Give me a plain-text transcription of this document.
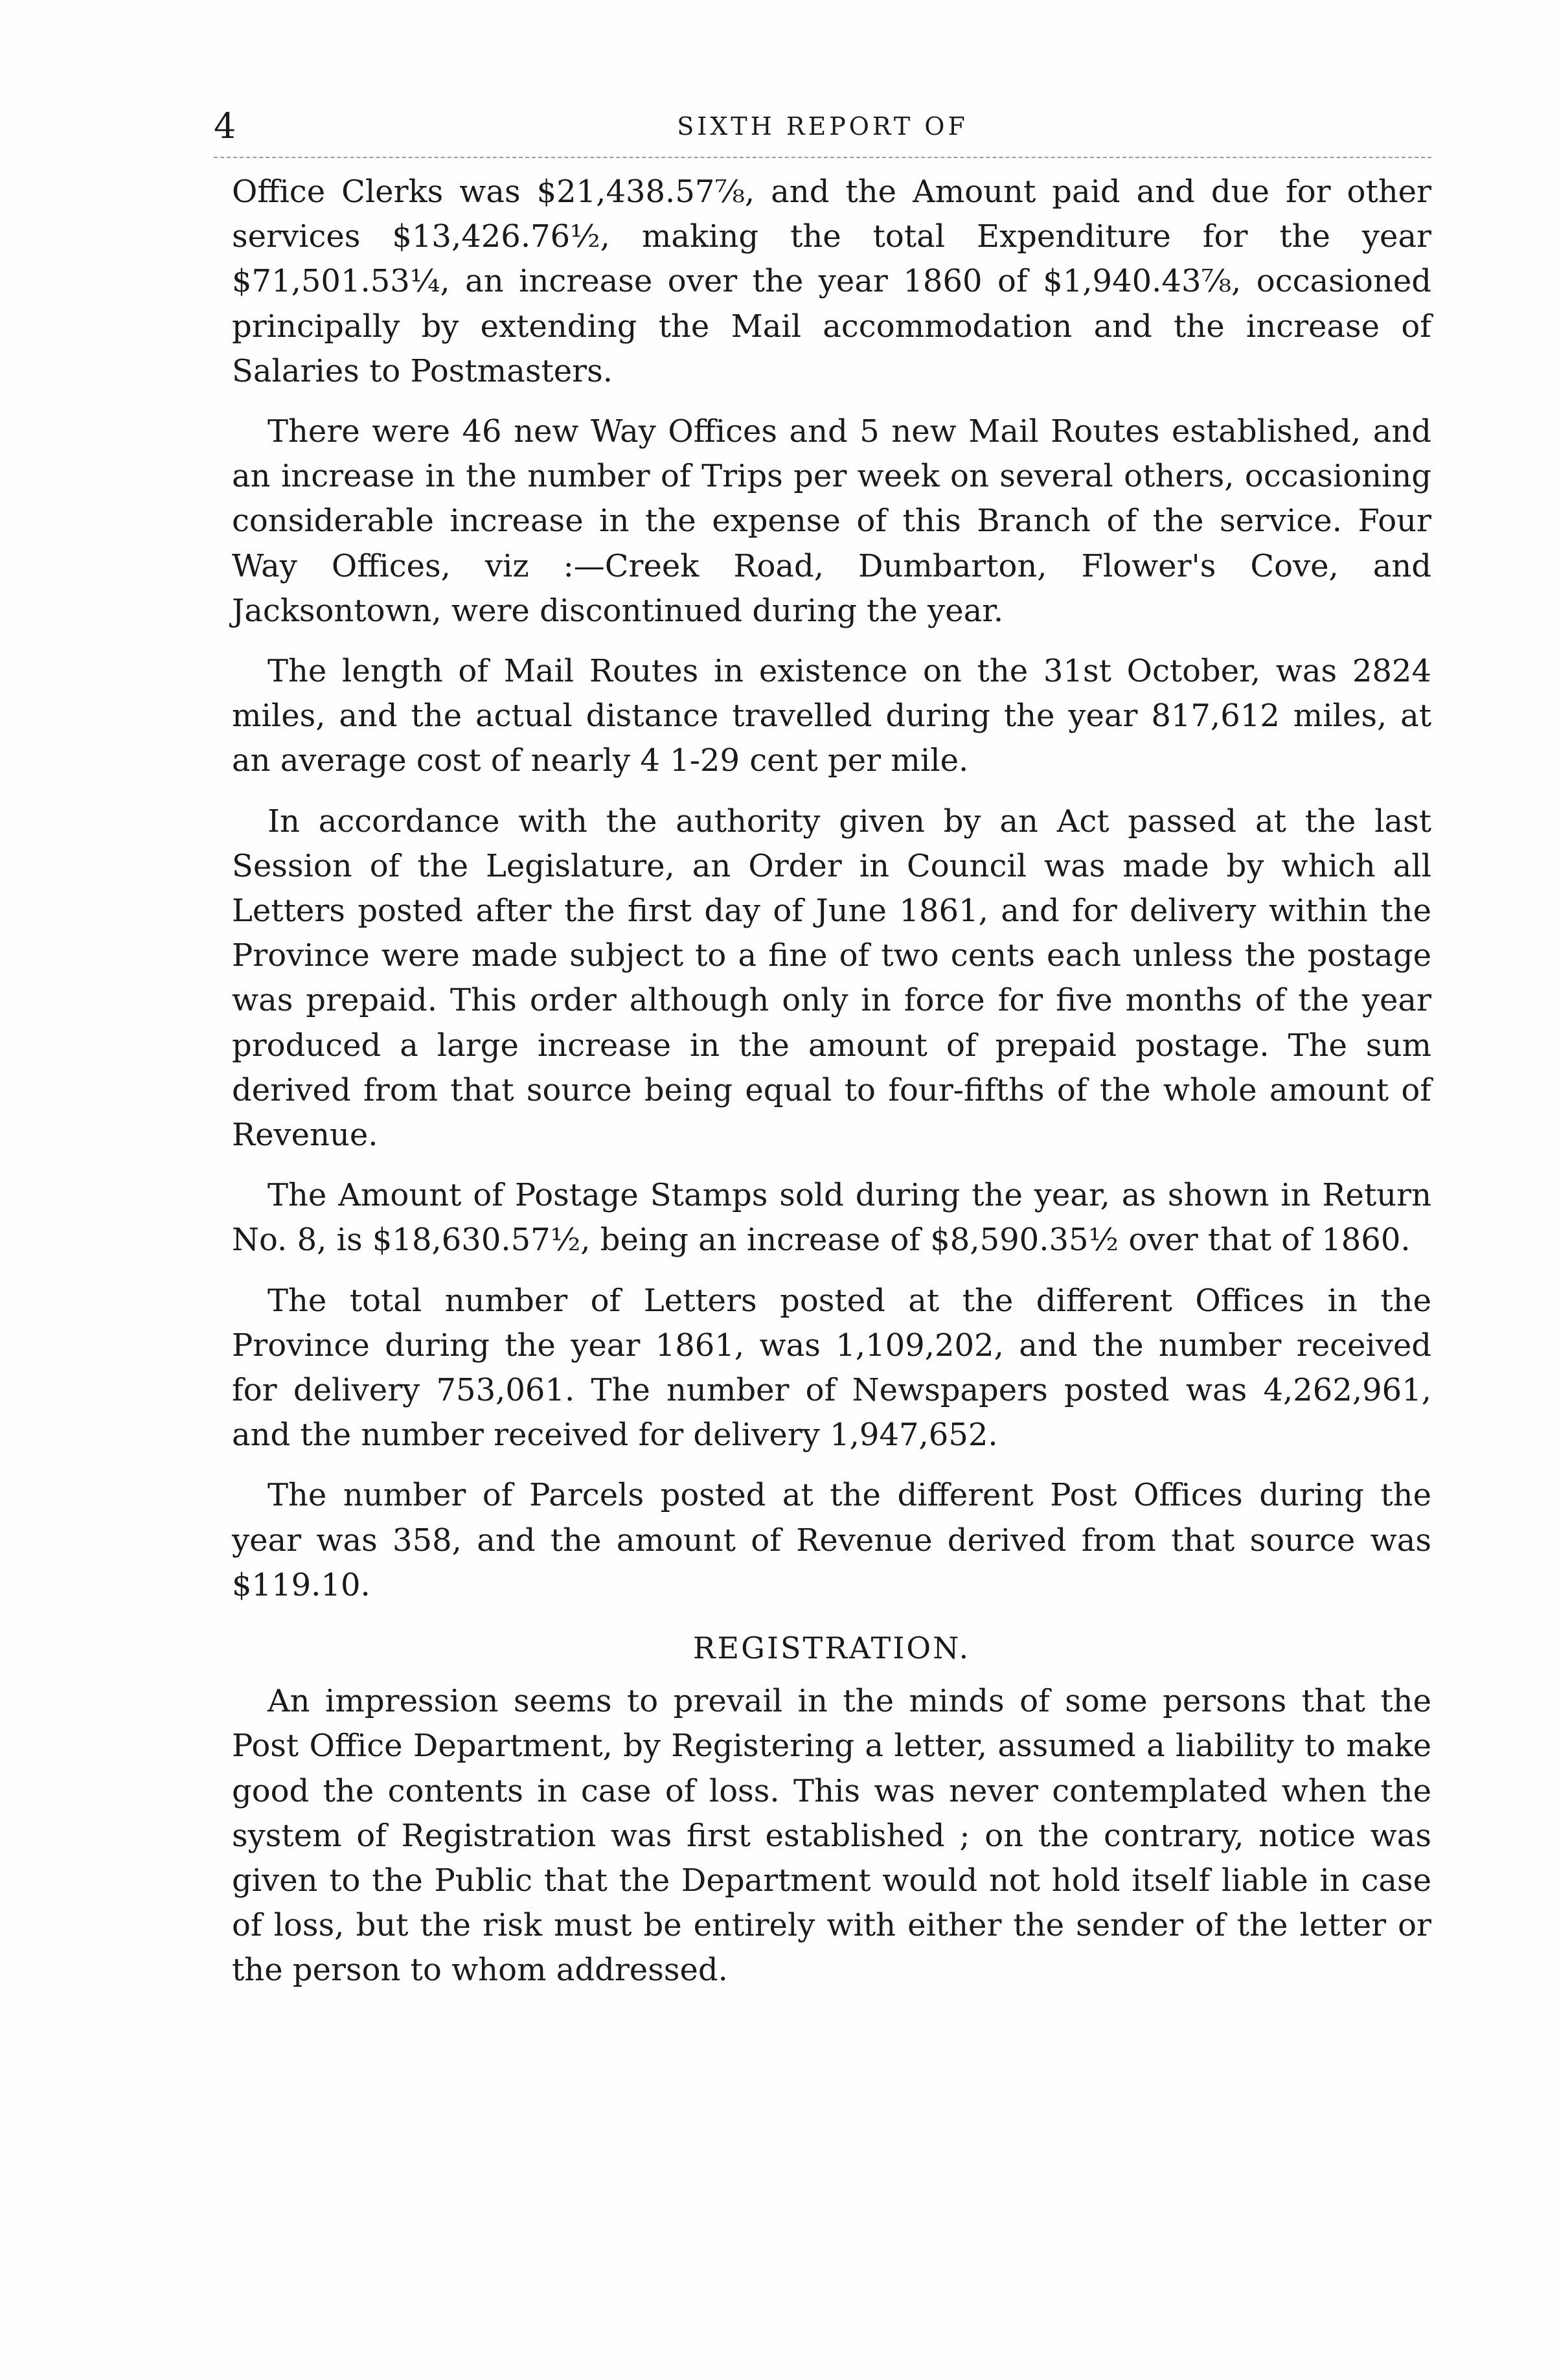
4	SIXTH REPORT OF

Office Clerks was $21,438.57⅞, and the Amount paid and due for other services $13,426.76½, making the total Expenditure for the year $71,501.53¼, an increase over the year 1860 of $1,940.43⅞, occasioned principally by extending the Mail accommodation and the increase of Salaries to Postmasters.

There were 46 new Way Offices and 5 new Mail Routes established, and an increase in the number of Trips per week on several others, occasioning considerable increase in the expense of this Branch of the service. Four Way Offices, viz :—Creek Road, Dumbarton, Flower's Cove, and Jacksontown, were discontinued during the year.

The length of Mail Routes in existence on the 31st October, was 2824 miles, and the actual distance travelled during the year 817,612 miles, at an average cost of nearly 4 1-29 cent per mile.

In accordance with the authority given by an Act passed at the last Session of the Legislature, an Order in Council was made by which all Letters posted after the first day of June 1861, and for delivery within the Province were made subject to a fine of two cents each unless the postage was prepaid. This order although only in force for five months of the year produced a large increase in the amount of prepaid postage. The sum derived from that source being equal to four-fifths of the whole amount of Revenue.

The Amount of Postage Stamps sold during the year, as shown in Return No. 8, is $18,630.57½, being an increase of $8,590.35½ over that of 1860.

The total number of Letters posted at the different Offices in the Province during the year 1861, was 1,109,202, and the number received for delivery 753,061. The number of Newspapers posted was 4,262,961, and the number received for delivery 1,947,652.

The number of Parcels posted at the different Post Offices during the year was 358, and the amount of Revenue derived from that source was $119.10.

REGISTRATION.

An impression seems to prevail in the minds of some persons that the Post Office Department, by Registering a letter, assumed a liability to make good the contents in case of loss. This was never contemplated when the system of Registration was first established ; on the contrary, notice was given to the Public that the Department would not hold itself liable in case of loss, but the risk must be entirely with either the sender of the letter or the person to whom addressed.
